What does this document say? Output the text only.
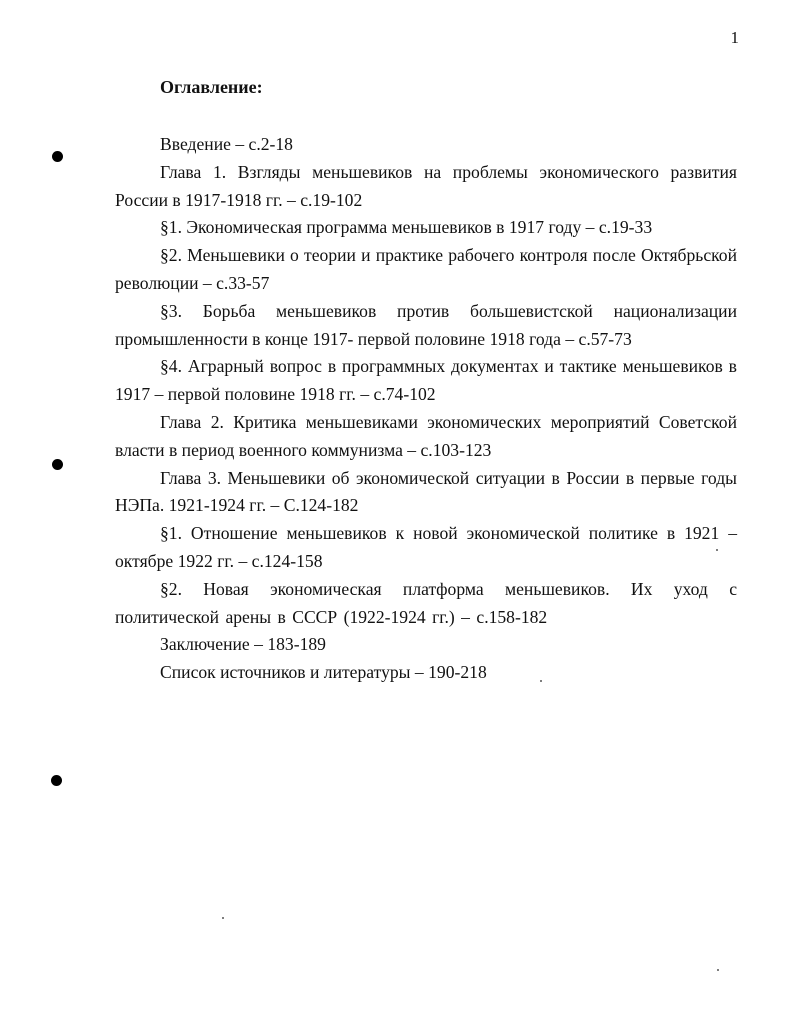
1
Оглавление:

Введение – с.2-18

Глава 1. Взгляды меньшевиков на проблемы экономического развития России в 1917-1918 гг. – с.19-102

§1. Экономическая программа меньшевиков в 1917 году – с.19-33

§2. Меньшевики о теории и практике рабочего контроля после Октябрьской революции – с.33-57

§3. Борьба меньшевиков против большевистской национализации промышленности в конце 1917- первой половине 1918 года – с.57-73

§4. Аграрный вопрос в программных документах и тактике меньшевиков в 1917 – первой половине 1918 гг. – с.74-102

Глава 2. Критика меньшевиками экономических мероприятий Советской власти в период военного коммунизма – с.103-123

Глава 3. Меньшевики об экономической ситуации в России в первые годы НЭПа. 1921-1924 гг. – С.124-182

§1. Отношение меньшевиков к новой экономической политике в 1921 – октябре 1922 гг. – с.124-158

§2. Новая экономическая платформа меньшевиков. Их уход с политической арены в СССР (1922-1924 гг.) – с.158-182

Заключение – 183-189

Список источников и литературы – 190-218
